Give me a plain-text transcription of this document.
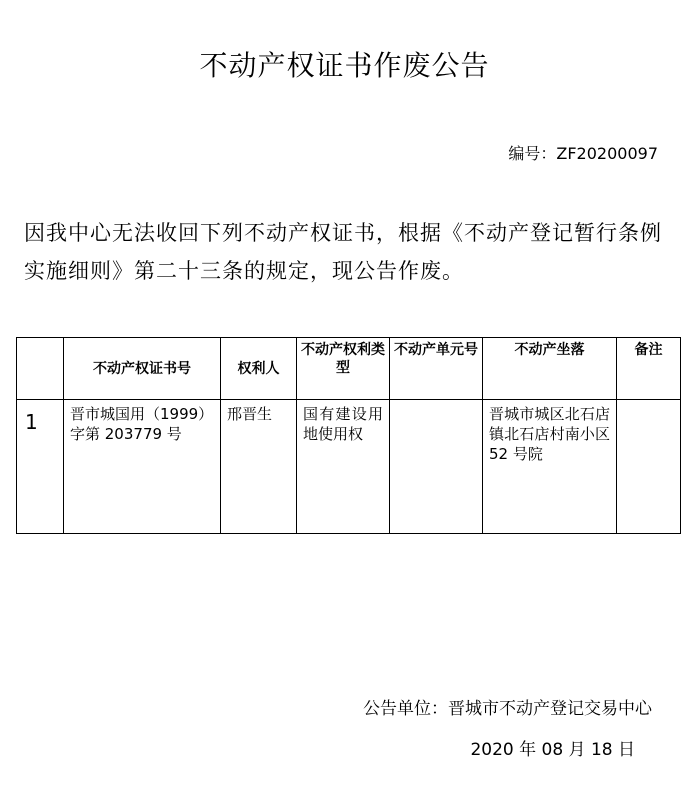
不动产权证书作废公告
编号：ZF20200097
因我中心无法收回下列不动产权证书，根据《不动产登记暂行条例实施细则》第二十三条的规定，现公告作废。
	不动产权证书号	权利人	不动产权利类型	不动产单元号	不动产坐落	备注
1	晋市城国用（1999）字第 203779 号	邢晋生	国有建设用地使用权		晋城市城区北石店镇北石店村南小区 52 号院	
公告单位：晋城市不动产登记交易中心
2020 年 08 月 18 日
